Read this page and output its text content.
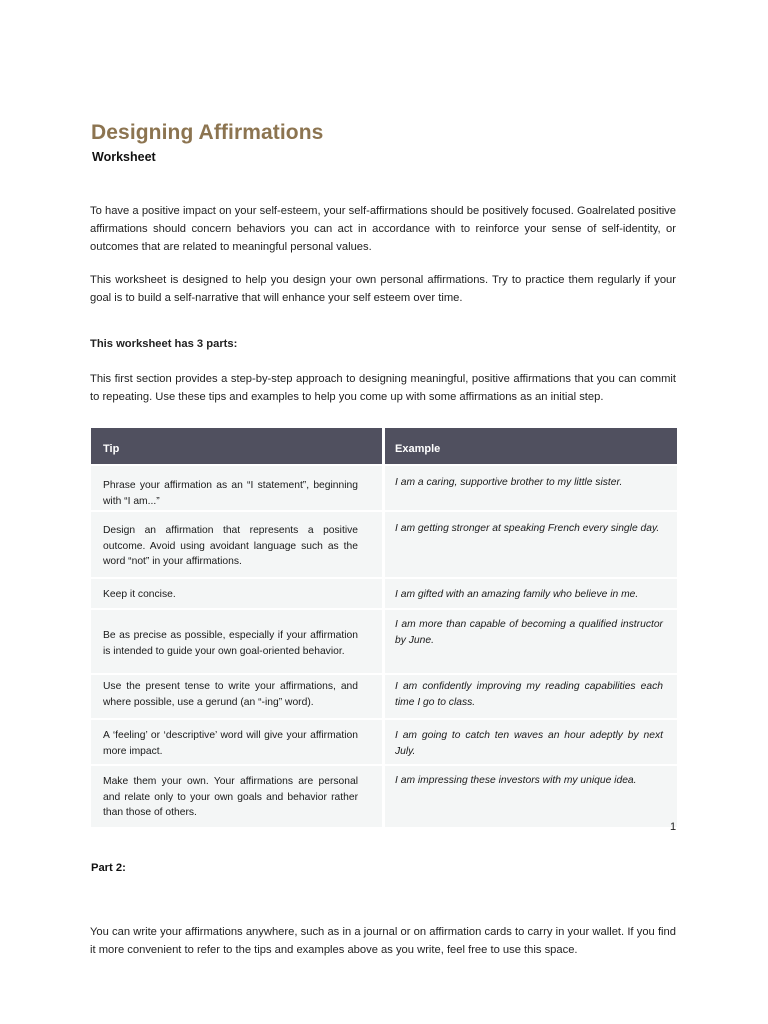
Designing Affirmations
Worksheet
To have a positive impact on your self-esteem, your self-affirmations should be positively focused. Goalrelated positive affirmations should concern behaviors you can act in accordance with to reinforce your sense of self-identity, or outcomes that are related to meaningful personal values.
This worksheet is designed to help you design your own personal affirmations. Try to practice them regularly if your goal is to build a self-narrative that will enhance your self esteem over time.
This worksheet has 3 parts:
This first section provides a step-by-step approach to designing meaningful, positive affirmations that you can commit to repeating. Use these tips and examples to help you come up with some affirmations as an initial step.
Tip	Example
Phrase your affirmation as an “I statement”, beginning with “I am...”
I am a caring, supportive brother to my little sister.
Design an affirmation that represents a positive outcome. Avoid using avoidant language such as the word “not” in your affirmations.
I am getting stronger at speaking French every single day.
Keep it concise.	I am gifted with an amazing family who believe in me.
Be as precise as possible, especially if your affirmation is intended to guide your own goal-oriented behavior.
I am more than capable of becoming a qualified instructor by June.
Use the present tense to write your affirmations, and where possible, use a gerund (an “-ing” word).
I am confidently improving my reading capabilities each time I go to class.
A ‘feeling’ or ‘descriptive’ word will give your affirmation more impact.
I am going to catch ten waves an hour adeptly by next July.
Make them your own. Your affirmations are personal and relate only to your own goals and behavior rather than those of others.
I am impressing these investors with my unique idea.
1
Part 2:
You can write your affirmations anywhere, such as in a journal or on affirmation cards to carry in your wallet. If you find it more convenient to refer to the tips and examples above as you write, feel free to use this space.
